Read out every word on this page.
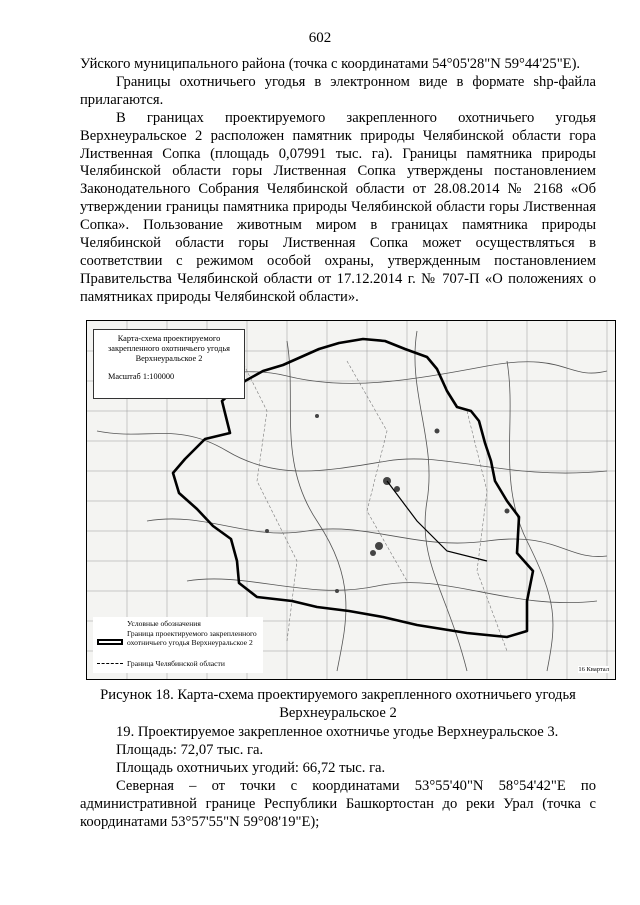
602

Уйского муниципального района (точка с координатами 54°05'28"N 59°44'25"E).

Границы охотничьего угодья в электронном виде в формате shp-файла прилагаются.

В границах проектируемого закрепленного охотничьего угодья Верхнеуральское 2 расположен памятник природы Челябинской области гора Лиственная Сопка (площадь 0,07991 тыс. га). Границы памятника природы Челябинской области горы Лиственная Сопка утверждены постановлением Законодательного Собрания Челябинской области от 28.08.2014 № 2168 «Об утверждении границы памятника природы Челябинской области горы Лиственная Сопка». Пользование животным миром в границах памятника природы Челябинской области горы Лиственная Сопка может осуществляться в соответствии с режимом особой охраны, утвержденным постановлением Правительства Челябинской области от 17.12.2014 г. № 707-П «О положениях о памятниках природы Челябинской области».

Карта-схема проектируемого закрепленного охотничьего угодья Верхнеуральское 2
Масштаб 1:100000
Условные обозначения
Граница проектируемого закрепленного охотничьего угодья Верхнеуральское 2
Граница Челябинской области
16 Квартал
Рисунок 18. Карта-схема проектируемого закрепленного охотничьего угодья
Верхнеуральское 2

19. Проектируемое закрепленное охотничье угодье Верхнеуральское 3.

Площадь: 72,07 тыс. га.

Площадь охотничьих угодий: 66,72 тыс. га.

Северная – от точки с координатами 53°55'40"N 58°54'42"E по административной границе Республики Башкортостан до реки Урал (точка с координатами 53°57'55"N 59°08'19"E);
